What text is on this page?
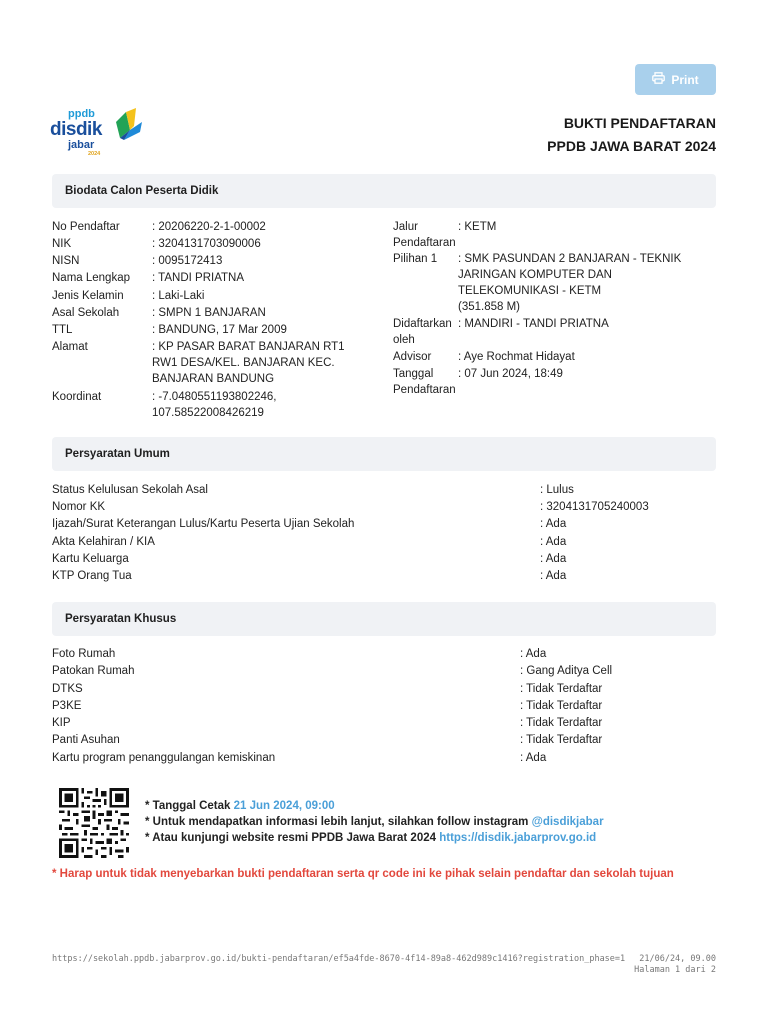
Print
ppdb
disdik
jabar
2024
BUKTI PENDAFTARAN
PPDB JAWA BARAT 2024
Biodata Calon Peserta Didik
No Pendaftar	: 20206220-2-1-00002
NIK	: 3204131703090006
NISN	: 0095172413
Nama Lengkap : TANDI PRIATNA
Jenis Kelamin : Laki-Laki
Asal Sekolah	: SMPN 1 BANJARAN
TTL	: BANDUNG, 17 Mar 2009
Alamat	: KP PASAR BARAT BANJARAN RT1
RW1 DESA/KEL. BANJARAN KEC.
BANJARAN BANDUNG
Koordinat	: -7.0480551193802246,
107.58522008426219
Jalur
Pendaftaran
: KETM
Pilihan 1 : SMK PASUNDAN 2 BANJARAN - TEKNIK
JARINGAN KOMPUTER DAN
TELEKOMUNIKASI - KETM
(351.858 M)
Didaftarkan
oleh
: MANDIRI - TANDI PRIATNA
Advisor : Aye Rochmat Hidayat
Tanggal
Pendaftaran
: 07 Jun 2024, 18:49
Persyaratan Umum
Status Kelulusan Sekolah Asal	: Lulus
Nomor KK	: 3204131705240003
Ijazah/Surat Keterangan Lulus/Kartu Peserta Ujian Sekolah	: Ada
Akta Kelahiran / KIA	: Ada
Kartu Keluarga	: Ada
KTP Orang Tua	: Ada
Persyaratan Khusus
Foto Rumah	: Ada
Patokan Rumah	: Gang Aditya Cell
DTKS	: Tidak Terdaftar
P3KE	: Tidak Terdaftar
KIP	: Tidak Terdaftar
Panti Asuhan	: Tidak Terdaftar
Kartu program penanggulangan kemiskinan	: Ada
* Tanggal Cetak 21 Jun 2024, 09:00
* Untuk mendapatkan informasi lebih lanjut, silahkan follow instagram @disdikjabar
* Atau kunjungi website resmi PPDB Jawa Barat 2024 https://disdik.jabarprov.go.id
* Harap untuk tidak menyebarkan bukti pendaftaran serta qr code ini ke pihak selain pendaftar dan sekolah tujuan
https://sekolah.ppdb.jabarprov.go.id/bukti-pendaftaran/ef5a4fde-8670-4f14-89a8-462d989c1416?registration_phase=1	21/06/24, 09.00
Halaman 1 dari 2
